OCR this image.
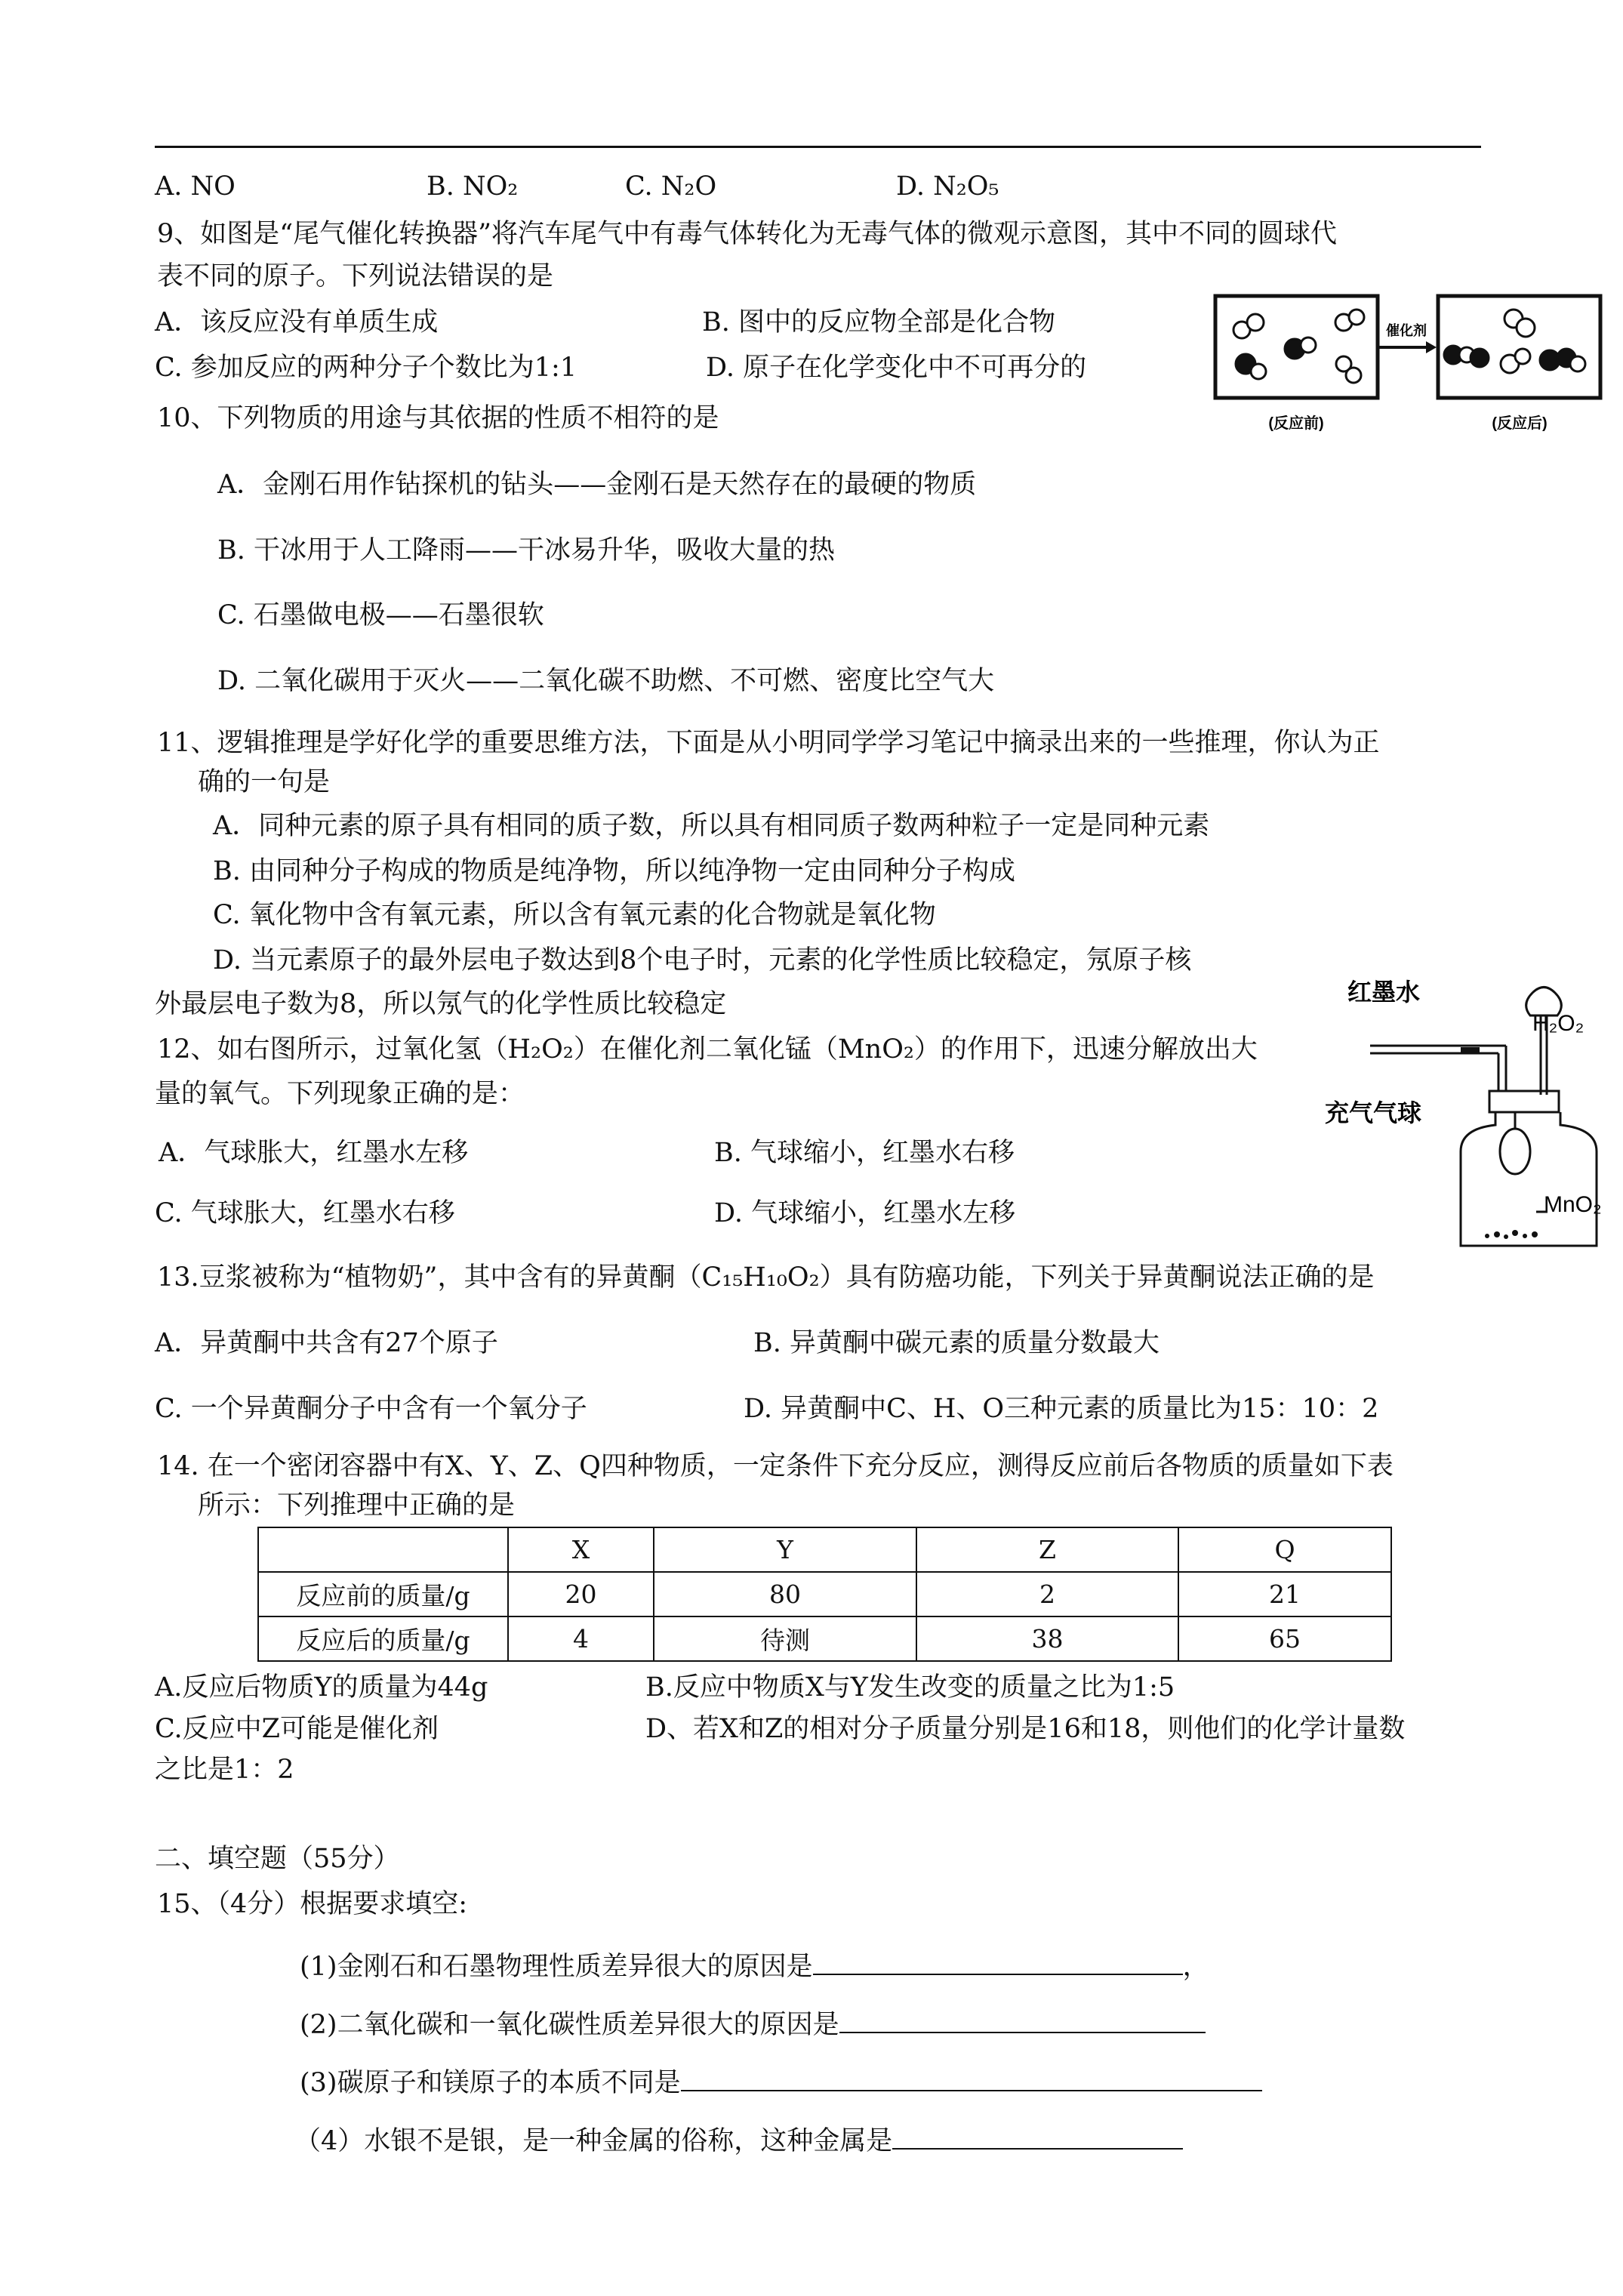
A. NO	B. NO₂	C. N₂O	D. N₂O₅
9、如图是“尾气催化转换器”将汽车尾气中有毒气体转化为无毒气体的微观示意图，其中不同的圆球代
表不同的原子。下列说法错误的是
A．该反应没有单质生成	B. 图中的反应物全部是化合物
C. 参加反应的两种分子个数比为1:1	D. 原子在化学变化中不可再分的
催化剂
(反应前)	(反应后)
10、下列物质的用途与其依据的性质不相符的是
A．金刚石用作钻探机的钻头——金刚石是天然存在的最硬的物质
B. 干冰用于人工降雨——干冰易升华，吸收大量的热
C. 石墨做电极——石墨很软
D. 二氧化碳用于灭火——二氧化碳不助燃、不可燃、密度比空气大
11、逻辑推理是学好化学的重要思维方法，下面是从小明同学学习笔记中摘录出来的一些推理，你认为正
确的一句是
A．同种元素的原子具有相同的质子数，所以具有相同质子数两种粒子一定是同种元素
B. 由同种分子构成的物质是纯净物，所以纯净物一定由同种分子构成
C. 氧化物中含有氧元素，所以含有氧元素的化合物就是氧化物
D. 当元素原子的最外层电子数达到8个电子时，元素的化学性质比较稳定，氖原子核
外最层电子数为8，所以氖气的化学性质比较稳定
12、如右图所示，过氧化氢（H₂O₂）在催化剂二氧化锰（MnO₂）的作用下，迅速分解放出大
量的氧气。下列现象正确的是：
A．气球胀大，红墨水左移	B. 气球缩小，红墨水右移
C. 气球胀大，红墨水右移	D. 气球缩小，红墨水左移
红墨水
H₂O₂
充气气球
MnO₂
13.豆浆被称为“植物奶”，其中含有的异黄酮（C₁₅H₁₀O₂）具有防癌功能，下列关于异黄酮说法正确的是
A．异黄酮中共含有27个原子	B. 异黄酮中碳元素的质量分数最大
C. 一个异黄酮分子中含有一个氧分子	D. 异黄酮中C、H、O三种元素的质量比为15：10：2
14. 在一个密闭容器中有X、Y、Z、Q四种物质，一定条件下充分反应，测得反应前后各物质的质量如下表
所示：下列推理中正确的是
	X	Y	Z	Q
反应前的质量/g	20	80	2	21
反应后的质量/g	4	待测	38	65
A.反应后物质Y的质量为44g	B.反应中物质X与Y发生改变的质量之比为1:5
C.反应中Z可能是催化剂	D、若X和Z的相对分子质量分别是16和18，则他们的化学计量数
之比是1：2
二、填空题（55分）
15、（4分）根据要求填空:
(1)金刚石和石墨物理性质差异很大的原因是	，
(2)二氧化碳和一氧化碳性质差异很大的原因是
(3)碳原子和镁原子的本质不同是
（4）水银不是银，是一种金属的俗称，这种金属是
